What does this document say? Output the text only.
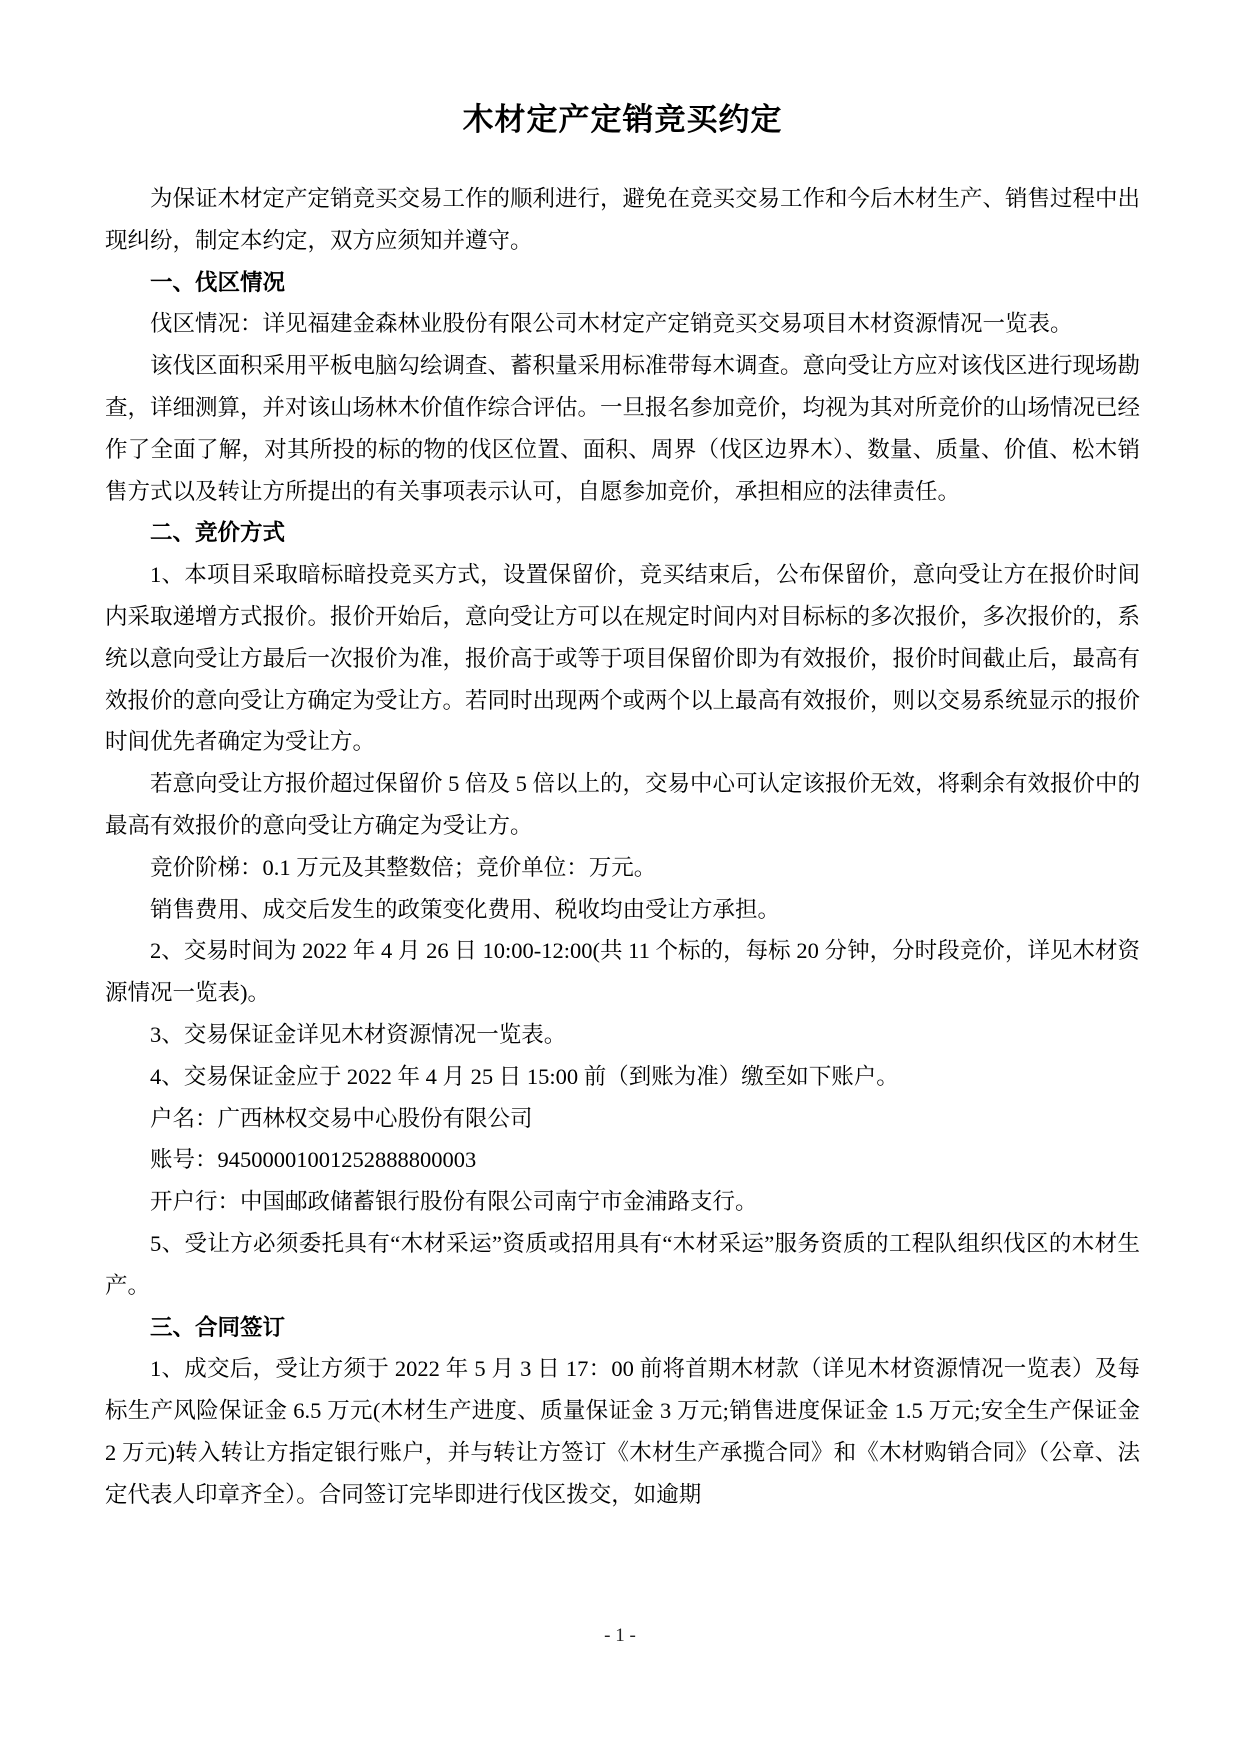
木材定产定销竞买约定

为保证木材定产定销竞买交易工作的顺利进行，避免在竞买交易工作和今后木材生产、销售过程中出现纠纷，制定本约定，双方应须知并遵守。

一、伐区情况

伐区情况：详见福建金森林业股份有限公司木材定产定销竞买交易项目木材资源情况一览表。

该伐区面积采用平板电脑勾绘调查、蓄积量采用标准带每木调查。意向受让方应对该伐区进行现场勘查，详细测算，并对该山场林木价值作综合评估。一旦报名参加竞价，均视为其对所竞价的山场情况已经作了全面了解，对其所投的标的物的伐区位置、面积、周界（伐区边界木）、数量、质量、价值、松木销售方式以及转让方所提出的有关事项表示认可，自愿参加竞价，承担相应的法律责任。

二、竞价方式

1、本项目采取暗标暗投竞买方式，设置保留价，竞买结束后，公布保留价，意向受让方在报价时间内采取递增方式报价。报价开始后，意向受让方可以在规定时间内对目标标的多次报价，多次报价的，系统以意向受让方最后一次报价为准，报价高于或等于项目保留价即为有效报价，报价时间截止后，最高有效报价的意向受让方确定为受让方。若同时出现两个或两个以上最高有效报价，则以交易系统显示的报价时间优先者确定为受让方。

若意向受让方报价超过保留价 5 倍及 5 倍以上的，交易中心可认定该报价无效，将剩余有效报价中的最高有效报价的意向受让方确定为受让方。

竞价阶梯：0.1 万元及其整数倍；竞价单位：万元。

销售费用、成交后发生的政策变化费用、税收均由受让方承担。

2、交易时间为 2022 年 4 月 26 日 10:00-12:00(共 11 个标的，每标 20 分钟，分时段竞价，详见木材资源情况一览表)。

3、交易保证金详见木材资源情况一览表。

4、交易保证金应于 2022 年 4 月 25 日 15:00 前（到账为准）缴至如下账户。

户名：广西林权交易中心股份有限公司

账号：94500001001252888800003

开户行：中国邮政储蓄银行股份有限公司南宁市金浦路支行。

5、受让方必须委托具有“木材采运”资质或招用具有“木材采运”服务资质的工程队组织伐区的木材生产。

三、合同签订

1、成交后，受让方须于 2022 年 5 月 3 日 17：00 前将首期木材款（详见木材资源情况一览表）及每标生产风险保证金 6.5 万元(木材生产进度、质量保证金 3 万元;销售进度保证金 1.5 万元;安全生产保证金 2 万元)转入转让方指定银行账户，并与转让方签订《木材生产承揽合同》和《木材购销合同》（公章、法定代表人印章齐全）。合同签订完毕即进行伐区拨交，如逾期

- 1 -
